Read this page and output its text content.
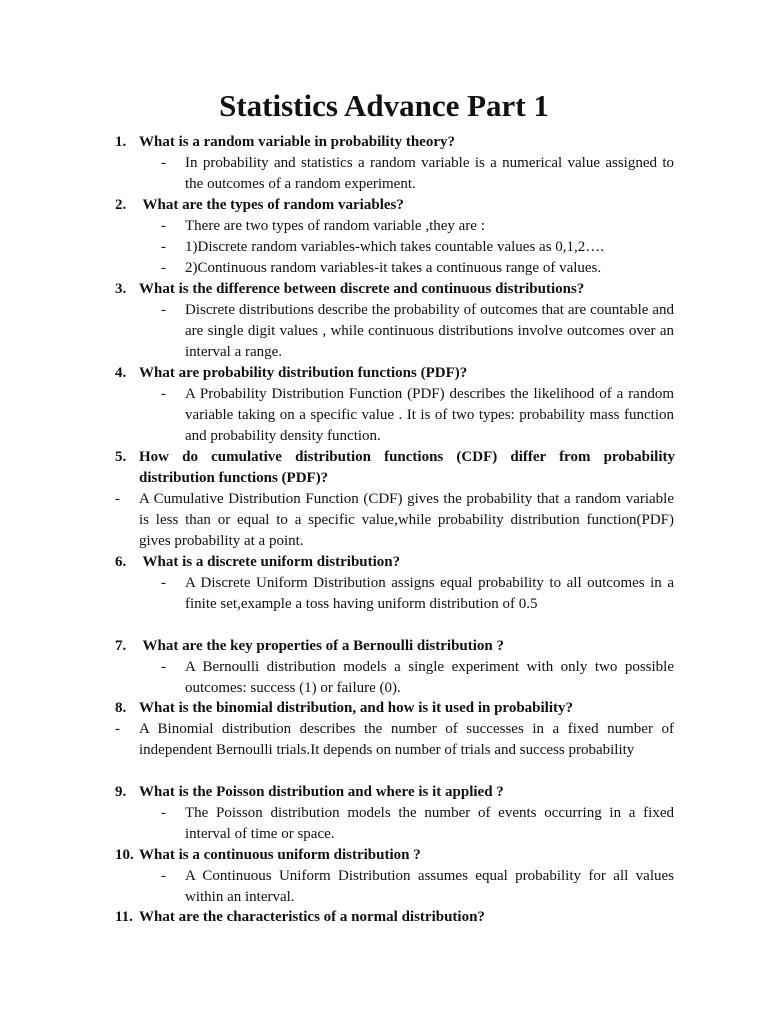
Statistics Advance Part 1
1. What is a random variable in probability theory?
- In probability and statistics a random variable is a numerical value assigned to the outcomes of a random experiment.
2. What are the types of random variables?
- There are two types of random variable ,they are :
- 1)Discrete random variables-which takes countable values as 0,1,2….
- 2)Continuous random variables-it takes a continuous range of values.
3. What is the difference between discrete and continuous distributions?
- Discrete distributions describe the probability of outcomes that are countable and are single digit values , while continuous distributions involve outcomes over an interval a range.
4. What are probability distribution functions (PDF)?
- A Probability Distribution Function (PDF) describes the likelihood of a random variable taking on a specific value . It is of two types: probability mass function and probability density function.
5. How do cumulative distribution functions (CDF) differ from probability distribution functions (PDF)?
- A Cumulative Distribution Function (CDF) gives the probability that a random variable is less than or equal to a specific value,while probability distribution function(PDF) gives probability at a point.
6. What is a discrete uniform distribution?
- A Discrete Uniform Distribution assigns equal probability to all outcomes in a finite set,example a toss having uniform distribution of 0.5
7. What are the key properties of a Bernoulli distribution ?
- A Bernoulli distribution models a single experiment with only two possible outcomes: success (1) or failure (0).
8. What is the binomial distribution, and how is it used in probability?
- A Binomial distribution describes the number of successes in a fixed number of independent Bernoulli trials.It depends on number of trials and success probability
9. What is the Poisson distribution and where is it applied ?
- The Poisson distribution models the number of events occurring in a fixed interval of time or space.
10. What is a continuous uniform distribution ?
- A Continuous Uniform Distribution assumes equal probability for all values within an interval.
11. What are the characteristics of a normal distribution?
